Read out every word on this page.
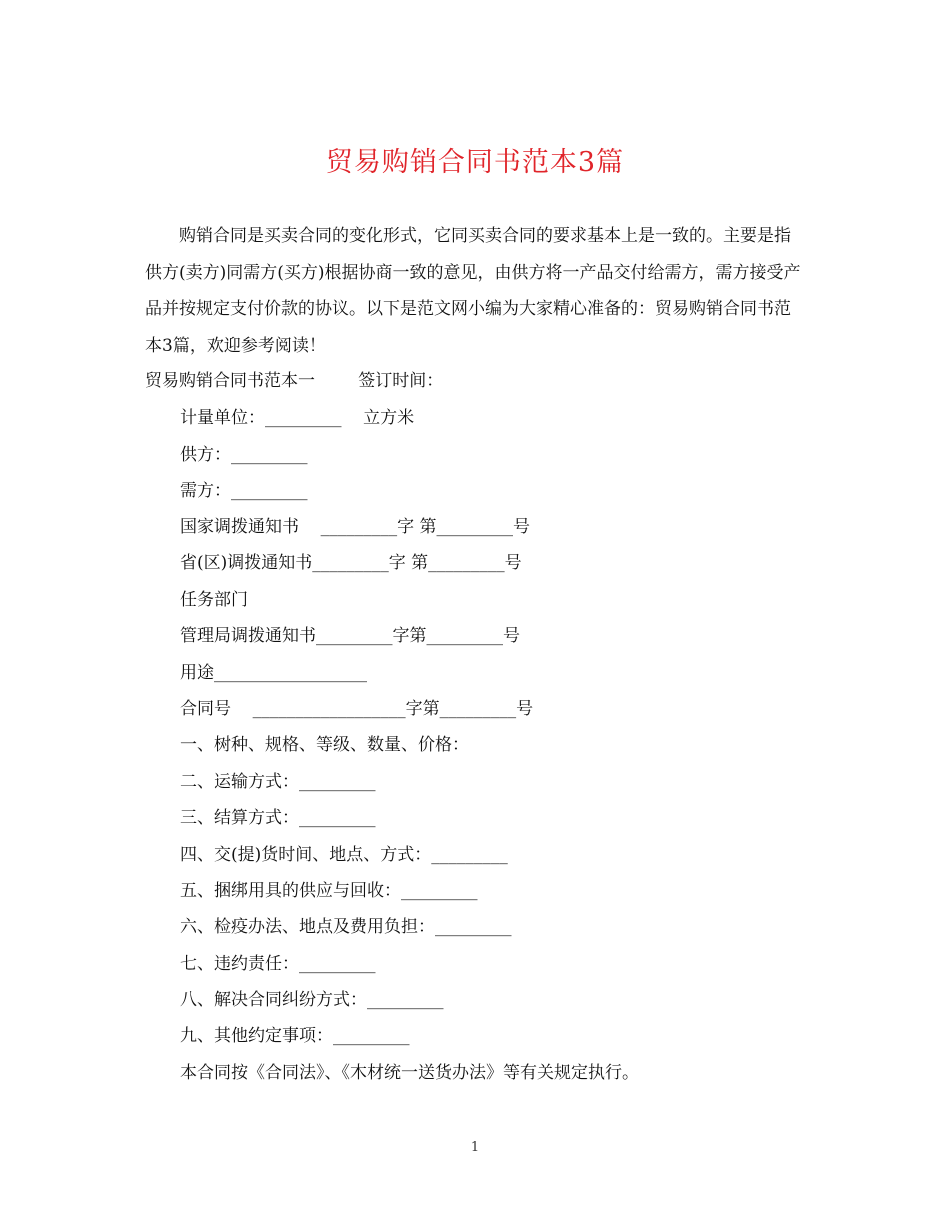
贸易购销合同书范本3篇

购销合同是买卖合同的变化形式，它同买卖合同的要求基本上是一致的。主要是指供方(卖方)同需方(买方)根据协商一致的意见，由供方将一产品交付给需方，需方接受产品并按规定支付价款的协议。以下是范文网小编为大家精心准备的：贸易购销合同书范本3篇，欢迎参考阅读！

贸易购销合同书范本一        签订时间：
计量单位：_________    立方米
供方：_________
需方：_________
国家调拨通知书    _________字 第_________号
省(区)调拨通知书_________字 第_________号
任务部门
管理局调拨通知书_________字第_________号
用途__________________
合同号    __________________字第_________号
一、树种、规格、等级、数量、价格：
二、运输方式：_________
三、结算方式：_________
四、交(提)货时间、地点、方式：_________
五、捆绑用具的供应与回收：_________
六、检疫办法、地点及费用负担：_________
七、违约责任：_________
八、解决合同纠纷方式：_________
九、其他约定事项：_________
本合同按《合同法》、《木材统一送货办法》等有关规定执行。
1
